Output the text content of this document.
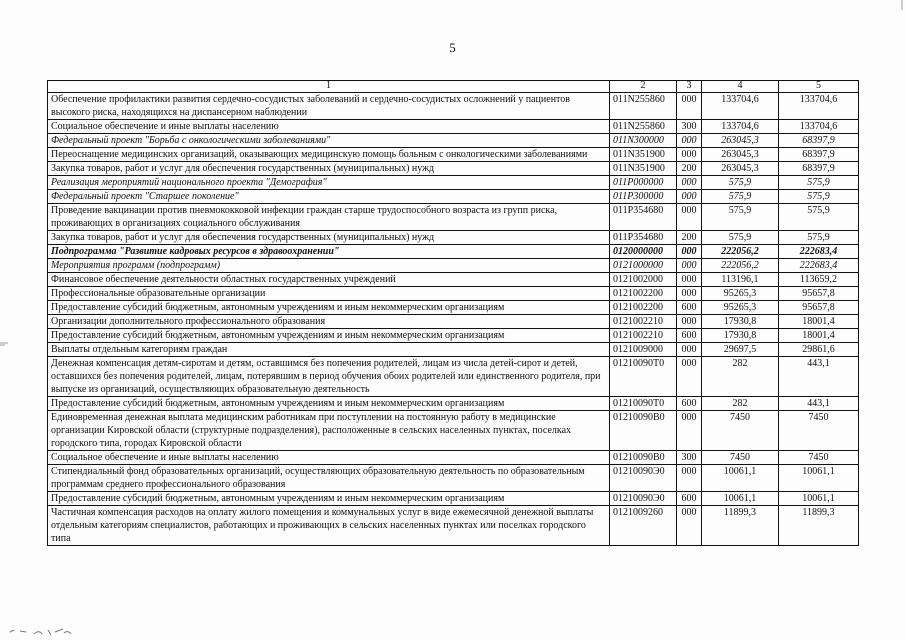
5
1	2	3	4	5
Обеспечение профилактики развития сердечно-сосудистых заболеваний и сердечно-сосудистых осложнений у пациентов высокого риска, находящихся на диспансерном наблюдении	011N255860	000	133704,6	133704,6
Социальное обеспечение и иные выплаты населению	011N255860	300	133704,6	133704,6
Федеральный проект "Борьба с онкологическими заболеваниями"	011N300000	000	263045,3	68397,9
Переоснащение медицинских организаций, оказывающих медицинскую помощь больным с онкологическими заболеваниями	011N351900	000	263045,3	68397,9
Закупка товаров, работ и услуг для обеспечения государственных (муниципальных) нужд	011N351900	200	263045,3	68397,9
Реализация мероприятий национального проекта "Демография"	011P000000	000	575,9	575,9
Федеральный проект "Старшее поколение"	011P300000	000	575,9	575,9
Проведение вакцинации против пневмококковой инфекции граждан старше трудоспособного возраста из групп риска, проживающих в организациях социального обслуживания	011P354680	000	575,9	575,9
Закупка товаров, работ и услуг для обеспечения государственных (муниципальных) нужд	011P354680	200	575,9	575,9
Подпрограмма "Развитие кадровых ресурсов в здравоохранении"	0120000000	000	222056,2	222683,4
Мероприятия программ (подпрограмм)	0121000000	000	222056,2	222683,4
Финансовое обеспечение деятельности областных государственных учреждений	0121002000	000	113196,1	113659,2
Профессиональные образовательные организации	0121002200	000	95265,3	95657,8
Предоставление субсидий бюджетным, автономным учреждениям и иным некоммерческим организациям	0121002200	600	95265,3	95657,8
Организации дополнительного профессионального образования	0121002210	000	17930,8	18001,4
Предоставление субсидий бюджетным, автономным учреждениям и иным некоммерческим организациям	0121002210	600	17930,8	18001,4
Выплаты отдельным категориям граждан	0121009000	000	29697,5	29861,6
Денежная компенсация детям-сиротам и детям, оставшимся без попечения родителей, лицам из числа детей-сирот и детей, оставшихся без попечения родителей, лицам, потерявшим в период обучения обоих родителей или единственного родителя, при выпуске из организаций, осуществляющих образовательную деятельность	01210090Т0	000	282	443,1
Предоставление субсидий бюджетным, автономным учреждениям и иным некоммерческим организациям	01210090Т0	600	282	443,1
Единовременная денежная выплата медицинским работникам при поступлении на постоянную работу в медицинские организации Кировской области (структурные подразделения), расположенные в сельских населенных пунктах, поселках городского типа, городах Кировской области	01210090В0	000	7450	7450
Социальное обеспечение и иные выплаты населению	01210090В0	300	7450	7450
Стипендиальный фонд образовательных организаций, осуществляющих образовательную деятельность по образовательным программам среднего профессионального образования	01210090Э0	000	10061,1	10061,1
Предоставление субсидий бюджетным, автономным учреждениям и иным некоммерческим организациям	01210090Э0	600	10061,1	10061,1
Частичная компенсация расходов на оплату жилого помещения и коммунальных услуг в виде ежемесячной денежной выплаты отдельным категориям специалистов, работающих и проживающих в сельских населенных пунктах или поселках городского типа	0121009260	000	11899,3	11899,3
